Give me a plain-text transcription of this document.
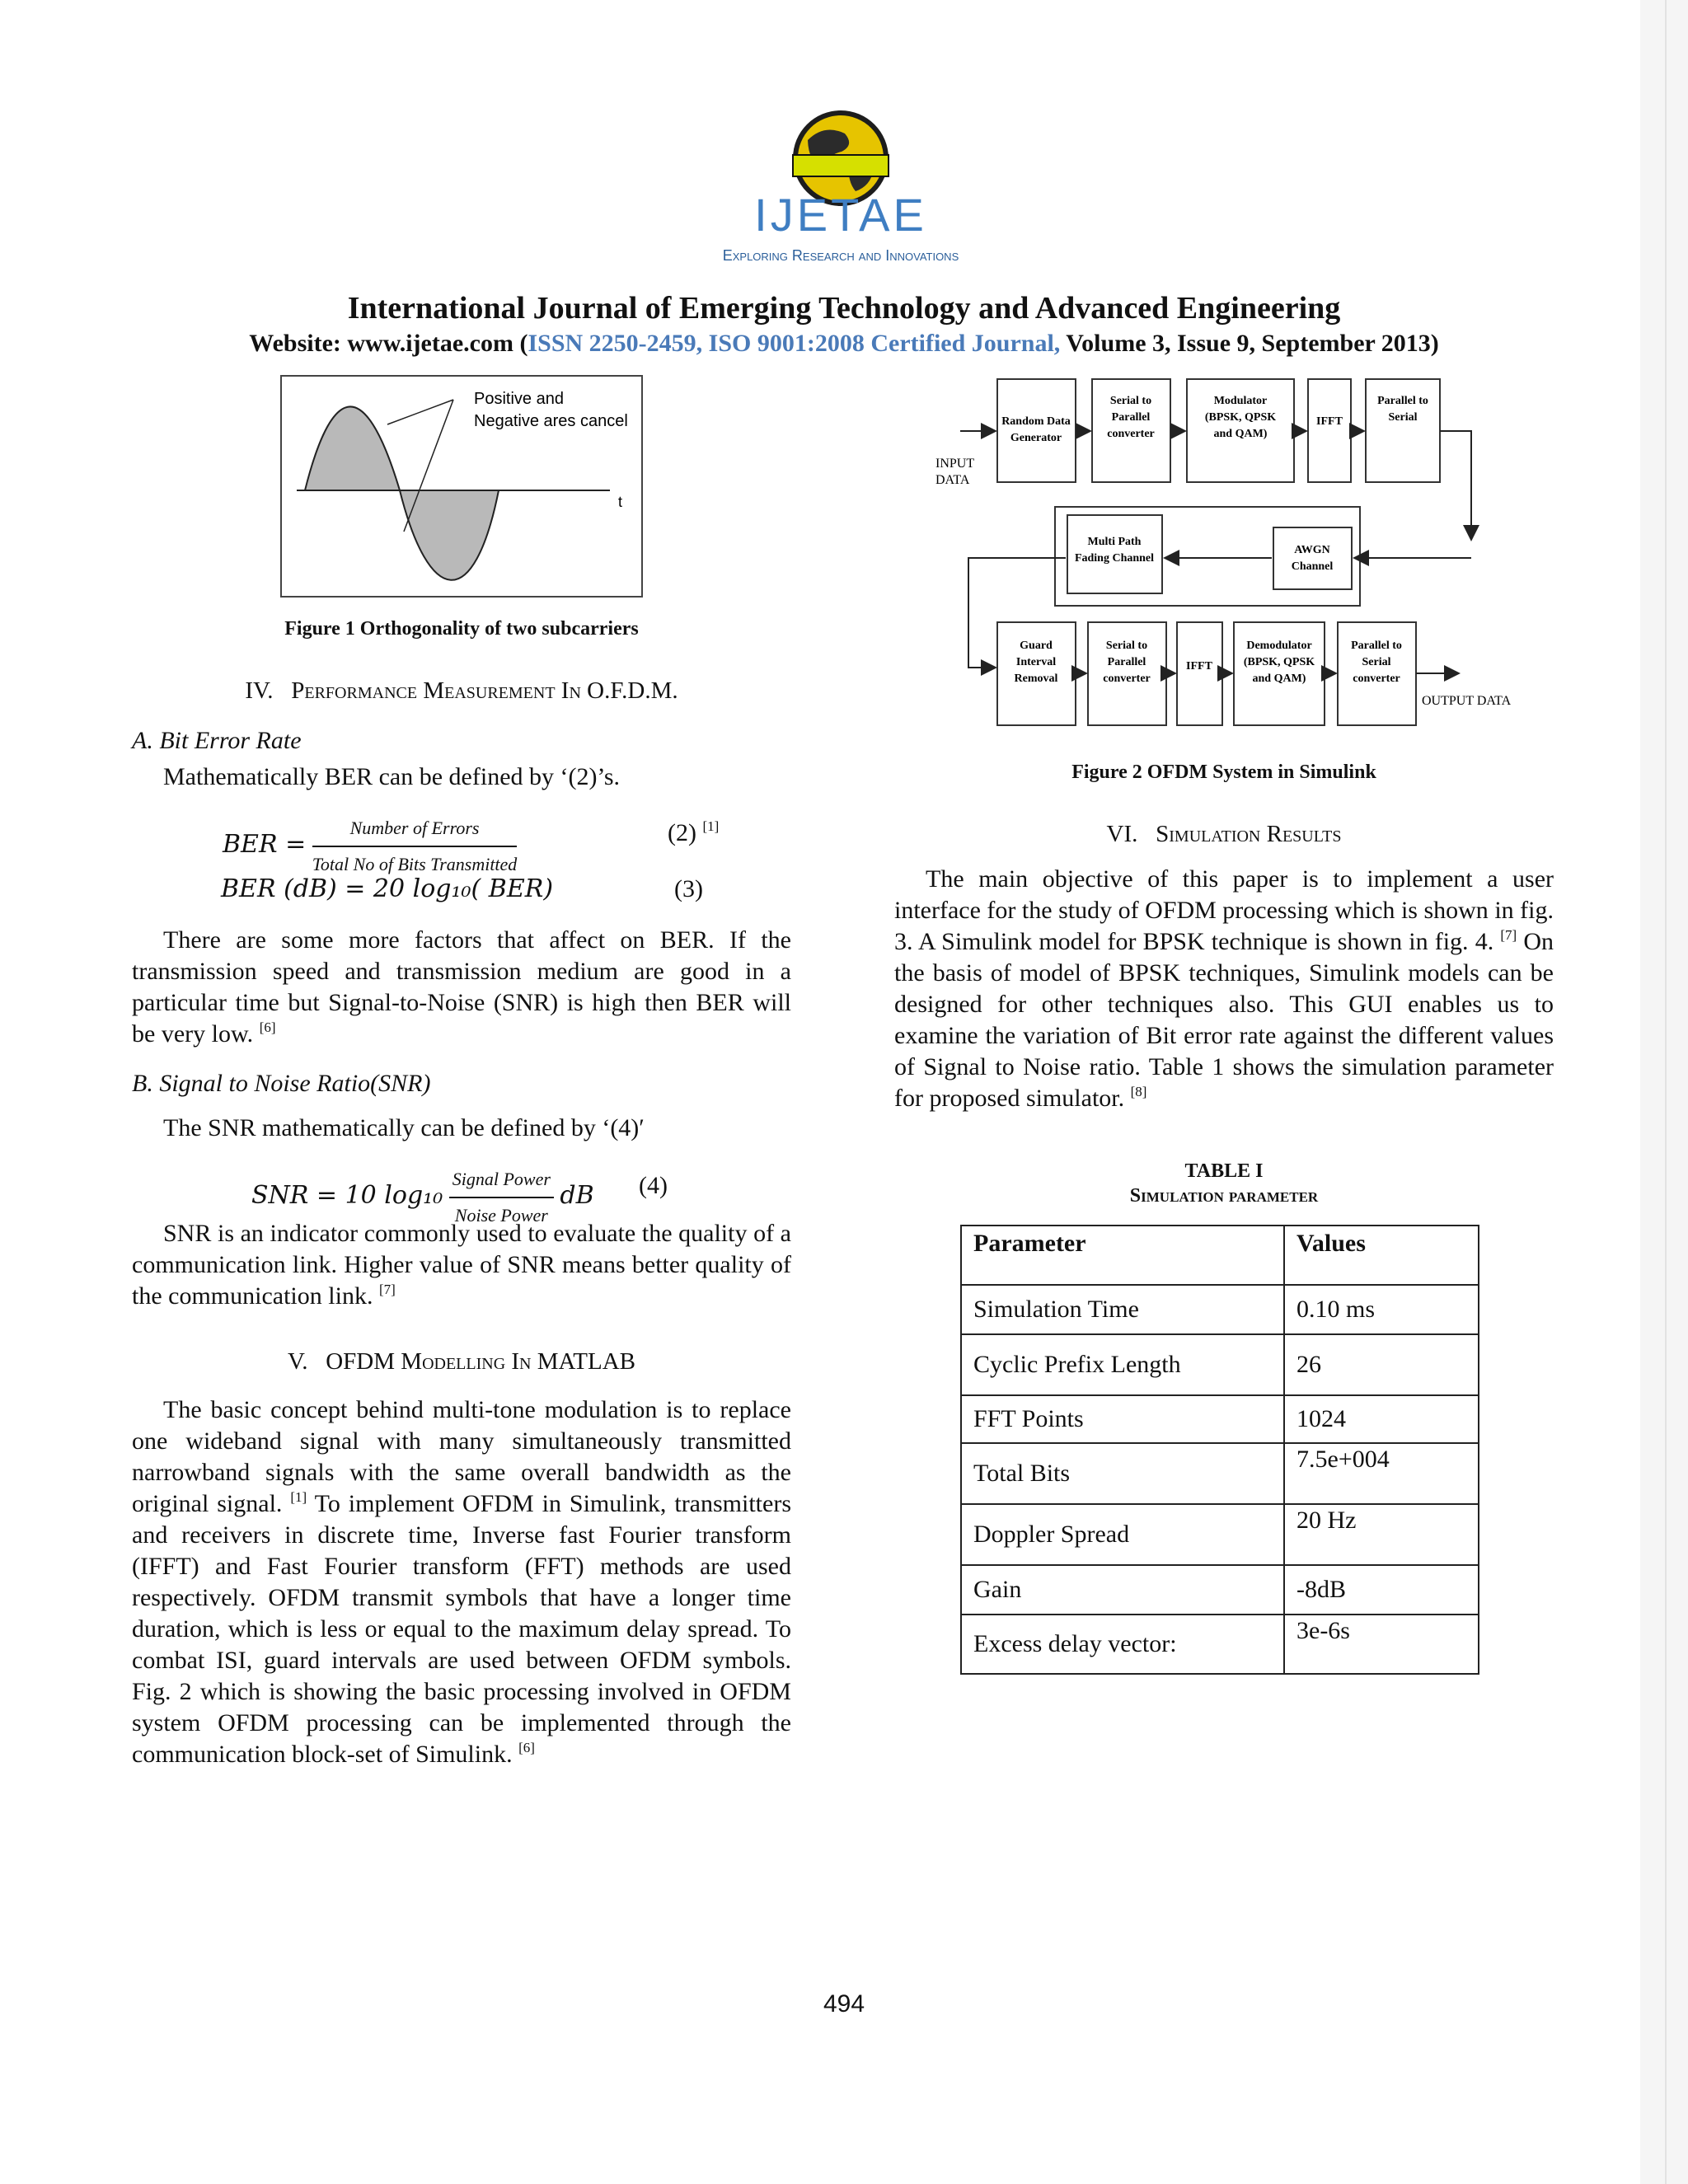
IJETAE
Exploring Research and Innovations
International Journal of Emerging Technology and Advanced Engineering
Website: www.ijetae.com (ISSN 2250-2459, ISO 9001:2008 Certified Journal, Volume 3, Issue 9, September 2013)
Positive and
Negative ares cancel
t
Figure 1 Orthogonality of two subcarriers
IV. Performance Measurement In O.F.D.M.
A. Bit Error Rate
Mathematically BER can be defined by ‘(2)’s.
BER = $\frac{\text{Number of Errors}}{\text{Total No of Bits Transmitted}}$	(2) [1]
BER (dB) = 20 log₁₀( BER)	(3)
There are some more factors that affect on BER. If the transmission speed and transmission medium are good in a particular time but Signal-to-Noise (SNR) is high then BER will be very low. [6]
B. Signal to Noise Ratio(SNR)
The SNR mathematically can be defined by ‘(4)′
SNR = 10 $\log_{10} \frac{\text{Signal Power}}{\text{Noise Power}}$ dB (4)
SNR is an indicator commonly used to evaluate the quality of a communication link. Higher value of SNR means better quality of the communication link. [7]
V. OFDM Modelling In MATLAB
The basic concept behind multi-tone modulation is to replace one wideband signal with many simultaneously transmitted narrowband signals with the same overall bandwidth as the original signal. [1] To implement OFDM in Simulink, transmitters and receivers in discrete time, Inverse fast Fourier transform (IFFT) and Fast Fourier transform (FFT) methods are used respectively. OFDM transmit symbols that have a longer time duration, which is less or equal to the maximum delay spread. To combat ISI, guard intervals are used between OFDM symbols. Fig. 2 which is showing the basic processing involved in OFDM system OFDM processing can be implemented through the communication block-set of Simulink. [6]
INPUT
DATA
OUTPUT DATA
Random Data Generator
Serial to Parallel converter
Modulator (BPSK, QPSK and QAM)
IFFT
Parallel to Serial
Multi Path Fading Channel
AWGN Channel
Guard Interval Removal
Serial to Parallel converter
IFFT
Demodulator (BPSK, QPSK and QAM)
Parallel to Serial converter
Figure 2 OFDM System in Simulink
VI. Simulation Results
The main objective of this paper is to implement a user interface for the study of OFDM processing which is shown in fig. 3. A Simulink model for BPSK technique is shown in fig. 4. [7] On the basis of model of BPSK techniques, Simulink models can be designed for other techniques also. This GUI enables us to examine the variation of Bit error rate against the different values of Signal to Noise ratio. Table 1 shows the simulation parameter for proposed simulator. [8]
TABLE I
Simulation parameter
Parameter	Values
Simulation Time	0.10 ms
Cyclic Prefix Length	26
FFT Points	1024
Total Bits	7.5e+004
Doppler Spread	20 Hz
Gain	-8dB
Excess delay vector:	3e-6s
494
